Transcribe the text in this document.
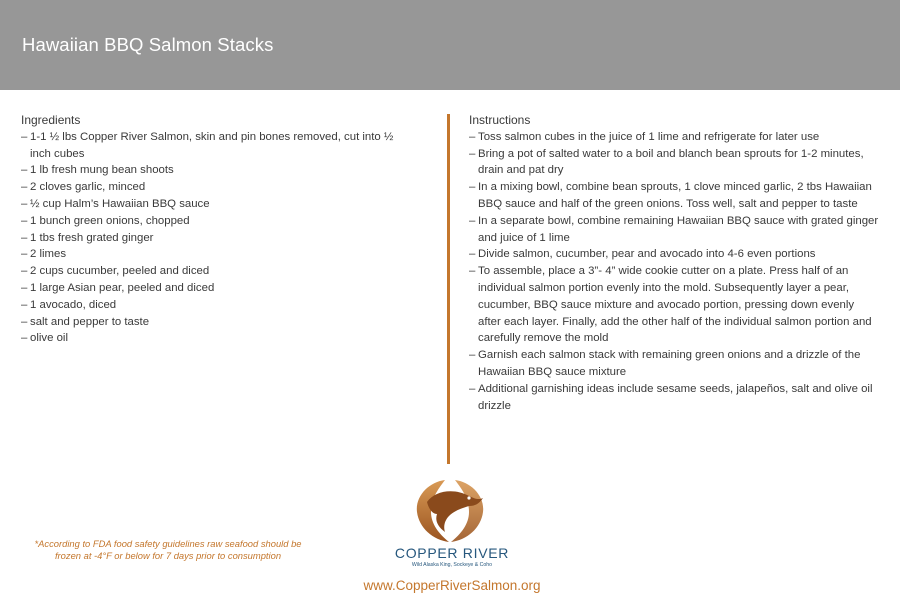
Hawaiian BBQ Salmon Stacks
Ingredients
– 1-1 ½ lbs Copper River Salmon, skin and pin bones removed, cut into ½ inch cubes
– 1 lb fresh mung bean shoots
– 2 cloves garlic, minced
– ½ cup Halm’s Hawaiian BBQ sauce
– 1 bunch green onions, chopped
– 1 tbs fresh grated ginger
– 2 limes
– 2 cups cucumber, peeled and diced
– 1 large Asian pear, peeled and diced
– 1 avocado, diced
– salt and pepper to taste
– olive oil
Instructions
– Toss salmon cubes in the juice of 1 lime and refrigerate for later use
– Bring a pot of salted water to a boil and blanch bean sprouts for 1-2 minutes, drain and pat dry
– In a mixing bowl, combine bean sprouts, 1 clove minced garlic, 2 tbs Hawaiian BBQ sauce and half of the green onions. Toss well, salt and pepper to taste
– In a separate bowl, combine remaining Hawaiian BBQ sauce with grated ginger and juice of 1 lime
– Divide salmon, cucumber, pear and avocado into 4-6 even portions
– To assemble, place a 3”- 4” wide cookie cutter on a plate. Press half of an individual salmon portion evenly into the mold. Subsequently layer a pear, cucumber, BBQ sauce mixture and avocado portion, pressing down evenly after each layer. Finally, add the other half of the individual salmon portion and carefully remove the mold
– Garnish each salmon stack with remaining green onions and a drizzle of the Hawaiian BBQ sauce mixture
– Additional garnishing ideas include sesame seeds, jalapeños, salt and olive oil drizzle
*According to FDA food safety guidelines raw seafood should be frozen at -4°F or below for 7 days prior to consumption	COPPER RIVER
Wild Alaska King, Sockeye & Coho
www.CopperRiverSalmon.org
